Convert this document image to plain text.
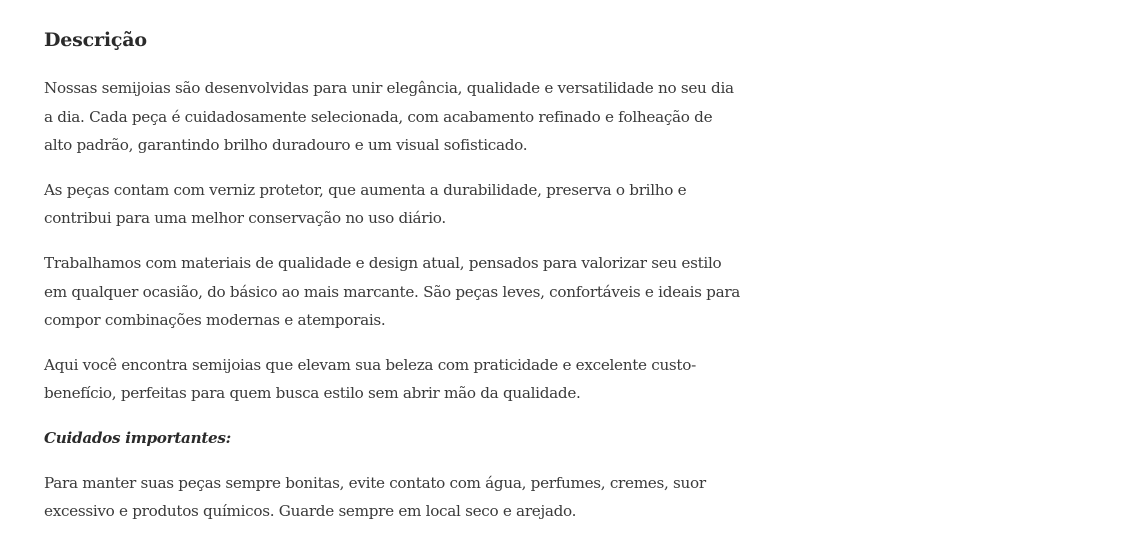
Descrição

Nossas semijoias são desenvolvidas para unir elegância, qualidade e versatilidade no seu dia a dia. Cada peça é cuidadosamente selecionada, com acabamento refinado e folheação de alto padrão, garantindo brilho duradouro e um visual sofisticado.

As peças contam com verniz protetor, que aumenta a durabilidade, preserva o brilho e contribui para uma melhor conservação no uso diário.

Trabalhamos com materiais de qualidade e design atual, pensados para valorizar seu estilo em qualquer ocasião, do básico ao mais marcante. São peças leves, confortáveis e ideais para compor combinações modernas e atemporais.

Aqui você encontra semijoias que elevam sua beleza com praticidade e excelente custo-benefício, perfeitas para quem busca estilo sem abrir mão da qualidade.

Cuidados importantes:

Para manter suas peças sempre bonitas, evite contato com água, perfumes, cremes, suor excessivo e produtos químicos. Guarde sempre em local seco e arejado.
